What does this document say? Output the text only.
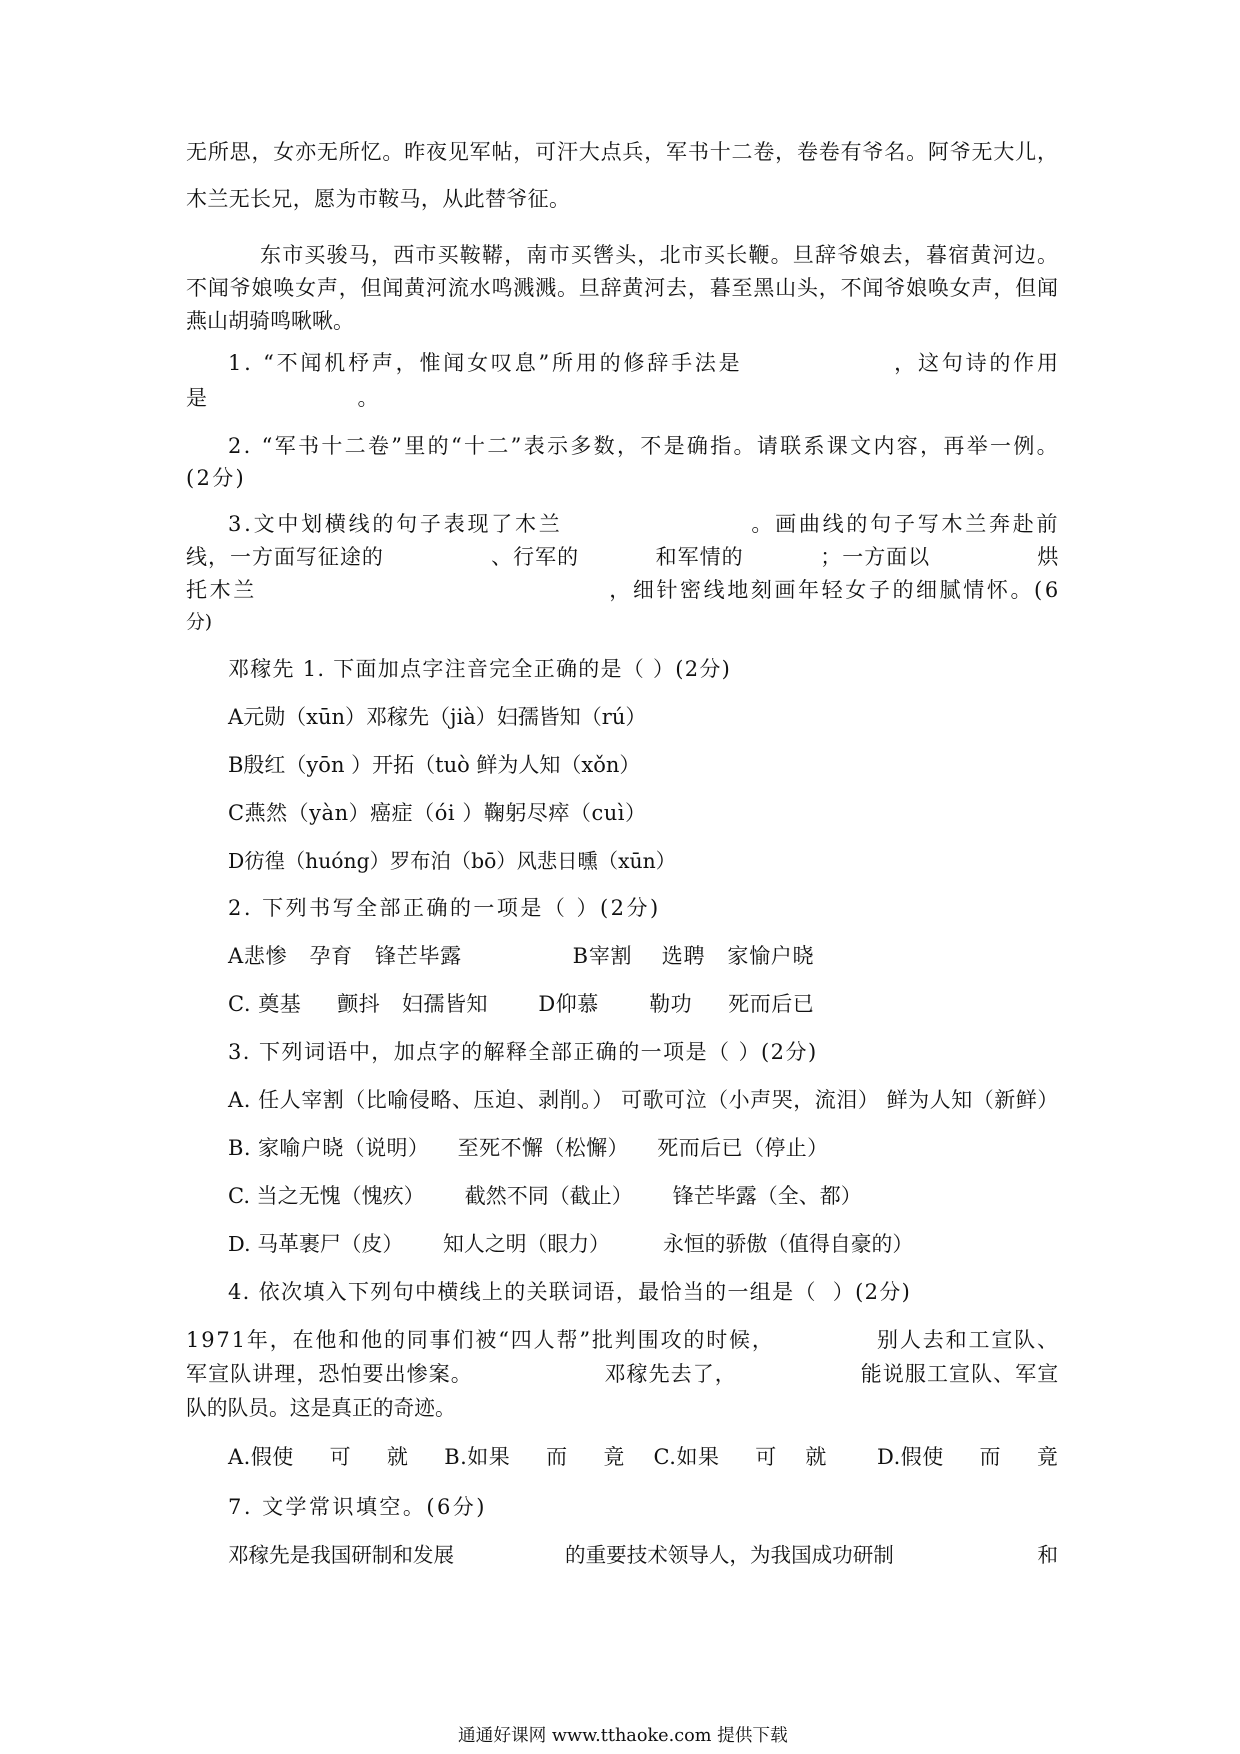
无所思，女亦无所忆。昨夜见军帖，可汗大点兵，军书十二卷，卷卷有爷名。阿爷无大儿，
木兰无长兄，愿为市鞍马，从此替爷征。
东市买骏马，西市买鞍鞯，南市买辔头，北市买长鞭。旦辞爷娘去，暮宿黄河边。
不闻爷娘唤女声，但闻黄河流水鸣溅溅。旦辞黄河去，暮至黑山头，不闻爷娘唤女声，但闻
燕山胡骑鸣啾啾。
1. “不闻机杼声，惟闻女叹息”所用的修辞手法是                ，这句诗的作用
是              。
2. “军书十二卷”里的“十二”表示多数，不是确指。请联系课文内容，再举一例。
(2分)
3.文中划横线的句子表现了木兰                    。画曲线的句子写木兰奔赴前
线，一方面写征途的              、行军的          和军情的          ；一方面以              烘
托木兰                                      ，细针密线地刻画年轻女子的细腻情怀。(6
分)
邓稼先 1. 下面加点字注音完全正确的是（ ）(2分)
A元勋（xūn）邓稼先（jià）妇孺皆知（rú）
B殷红（yōn ）开拓（tuò 鲜为人知（xǒn）
C燕然（yàn）癌症（ói ）鞠躬尽瘁（cuì）
D彷徨（huóng）罗布泊（bō）风悲日曛（xūn）
2. 下列书写全部正确的一项是（ ）(2分)
A悲惨   孕育   锋芒毕露               B宰割    选聘   家愉户晓
C. 奠基     颤抖   妇孺皆知       D仰慕       勒功     死而后已
3. 下列词语中，加点字的解释全部正确的一项是（ ）(2分)
A. 任人宰割（比喻侵略、压迫、剥削。） 可歌可泣（小声哭，流泪） 鲜为人知（新鲜）
B. 家喻户晓（说明）    至死不懈（松懈）    死而后已（停止）
C. 当之无愧（愧疚）      截然不同（截止）      锋芒毕露（全、都）
D. 马革裹尸（皮）      知人之明（眼力）        永恒的骄傲（值得自豪的）
4. 依次填入下列句中横线上的关联词语，最恰当的一组是（  ）(2分)
1971年，在他和他的同事们被“四人帮”批判围攻的时候，            别人去和工宣队、
军宣队讲理，恐怕要出惨案。                 邓稼先去了，                能说服工宣队、军宣
队的队员。这是真正的奇迹。
A.假使     可     就     B.如果     而     竟    C.如果     可    就       D.假使     而     竟
7. 文学常识填空。(6分)
邓稼先是我国研制和发展                 的重要技术领导人，为我国成功研制                      和
通通好课网 www.tthaoke.com 提供下载
